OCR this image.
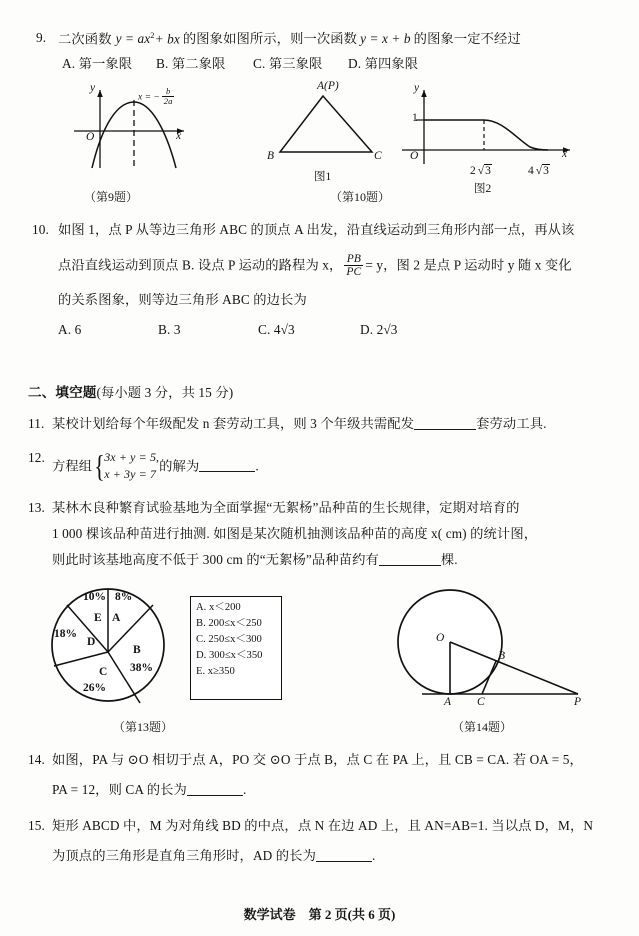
9. 二次函数 $y = ax^2+$ bx 的图象如图所示，则一次函数 y = x + b 的图象一定不经过
A. 第一象限 B. 第二象限 C. 第三象限 D. 第四象限
y
x
O
x = − $\frac{b}{2a}$
（第9题）
A(P)
B	C
图1
y
x
O
1
2 √3	4 √3
图2
（第10题）
10. 如图 1，点 P 从等边三角形 ABC 的顶点 A 出发，沿直线运动到三角形内部一点，再从该
点沿直线运动到顶点 B. 设点 P 运动的路程为 x， $\frac{PB}{PC} = y$，图 2 是点 P 运动时 y 随 x 变化
的关系图象，则等边三角形 ABC 的边长为
A. 6	B. 3	C. 4√3	D. 2√3
二、填空题(每小题 3 分，共 15 分)
11. 某校计划给每个年级配发 n 套劳动工具，则 3 个年级共需配发	套劳动工具.
12.
方程组 { 3x + y = 5,
x + 3y = 7
的解为	.
13. 某林木良种繁育试验基地为全面掌握“无絮杨”品种苗的生长规律，定期对培育的
1 000 棵该品种苗进行抽测. 如图是某次随机抽测该品种苗的高度 x( cm) 的统计图，
则此时该基地高度不低于 300 cm 的“无絮杨”品种苗约有	棵.
10% 8%
E A
18%
D
B
38%
C
26%
A. x＜200
B. 200≤x＜250
C. 250≤x＜300
D. 300≤x＜350
E. x≥350
（第13题）
O
A
B
C	P
（第14题）
14. 如图，PA 与 ⊙O 相切于点 A，PO 交 ⊙O 于点 B，点 C 在 PA 上，且 CB = CA. 若 OA = 5，
PA = 12，则 CA 的长为	.
15. 矩形 ABCD 中，M 为对角线 BD 的中点，点 N 在边 AD 上，且 AN=AB=1. 当以点 D，M，N
为顶点的三角形是直角三角形时，AD 的长为	.
数学试卷　第 2 页(共 6 页)
